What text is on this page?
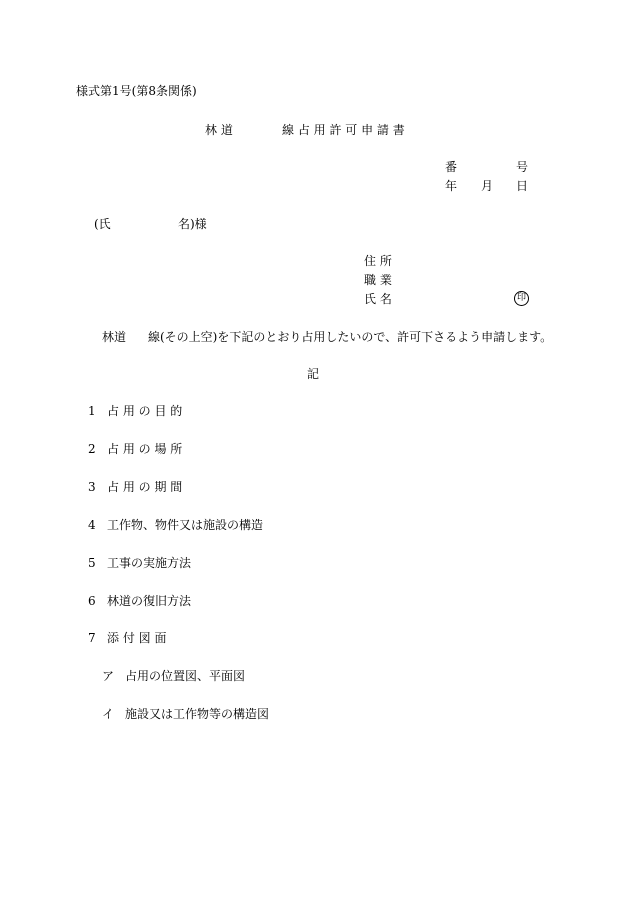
様式第1号(第8条関係)
林 道	線 占 用 許 可 申 請 書
番	号
年 月 日
(氏	名)様
住 所
職 業
氏 名	印
林道 線(その上空)を下記のとおり占用したいので、許可下さるよう申請します。
記
1 占 用 の 目 的
2 占 用 の 場 所
3 占 用 の 期 間
4 工作物、物件又は施設の構造
5 工事の実施方法
6 林道の復旧方法
7 添 付 図 面
ア 占用の位置図、平面図
イ 施設又は工作物等の構造図
